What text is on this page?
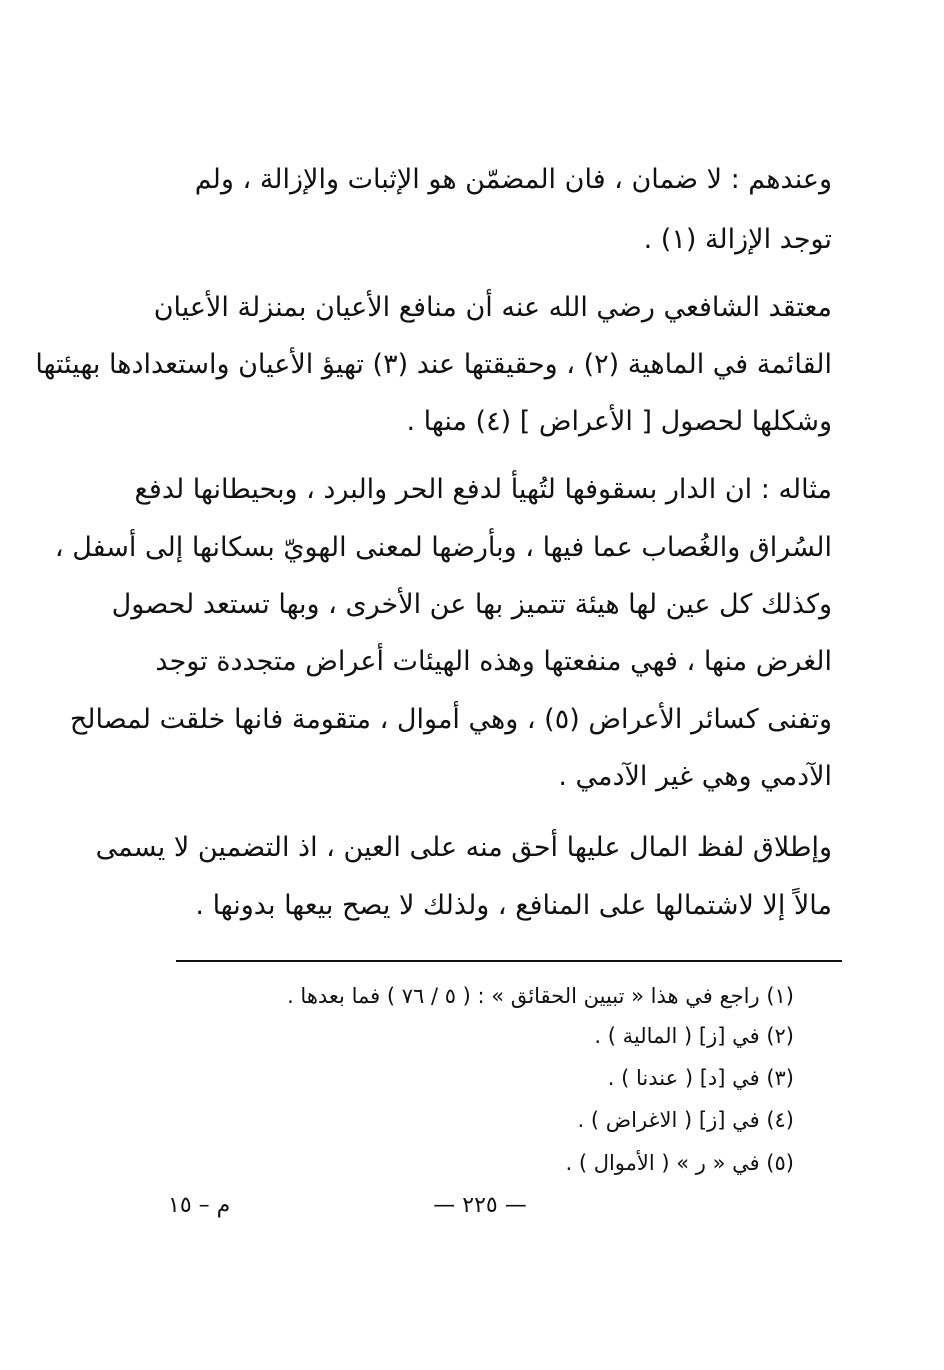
وعندهم : لا ضمان ، فان المضمّن هو الإثبات والإزالة ، ولم
توجد الإزالة (١) .
معتقد الشافعي رضي الله عنه أن منافع الأعيان بمنزلة الأعيان
القائمة في الماهية (٢) ، وحقيقتها عند (٣) تهيؤ الأعيان واستعدادها بهيئتها
وشكلها لحصول [ الأعراض ] (٤) منها .
مثاله : ان الدار بسقوفها لتُهيأ لدفع الحر والبرد ، وبحيطانها لدفع
السُراق والغُصاب عما فيها ، وبأرضها لمعنى الهويّ بسكانها إلى أسفل ،
وكذلك كل عين لها هيئة تتميز بها عن الأخرى ، وبها تستعد لحصول
الغرض منها ، فهي منفعتها وهذه الهيئات أعراض متجددة توجد
وتفنى كسائر الأعراض (٥) ، وهي أموال ، متقومة فانها خلقت لمصالح
الآدمي وهي غير الآدمي .
وإطلاق لفظ المال عليها أحق منه على العين ، اذ التضمين لا يسمى
مالاً إلا لاشتمالها على المنافع ، ولذلك لا يصح بيعها بدونها .
(١) راجع في هذا « تبيين الحقائق » : ( ٥ / ٧٦ ) فما بعدها .
(٢) في [ز] ( المالية ) .
(٣) في [د] ( عندنا ) .
(٤) في [ز] ( الاغراض ) .
(٥) في « ر » ( الأموال ) .
— ٢٢٥ —
م – ١٥
